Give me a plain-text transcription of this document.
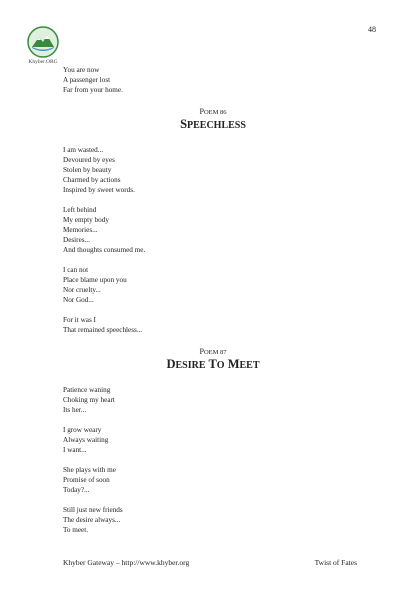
Khyber.ORG
48
You are now
A passenger lost
Far from your home.
POEM 86
SPEECHLESS
I am wasted...
Devoured by eyes
Stolen by beauty
Charmed by actions
Inspired by sweet words.
Left behind
My empty body
Memories...
Desires...
And thoughts consumed me.
I can not
Place blame upon you
Nor cruelty...
Nor God...
For it was I
That remained speechless...
POEM 87
DESIRE TO MEET
Patience waning
Choking my heart
Its her...
I grow weary
Always waiting
I want...
She plays with me
Promise of soon
Today?...
Still just new friends
The desire always...
To meet.
Khyber Gateway – http://www.khyber.org	Twist of Fates
